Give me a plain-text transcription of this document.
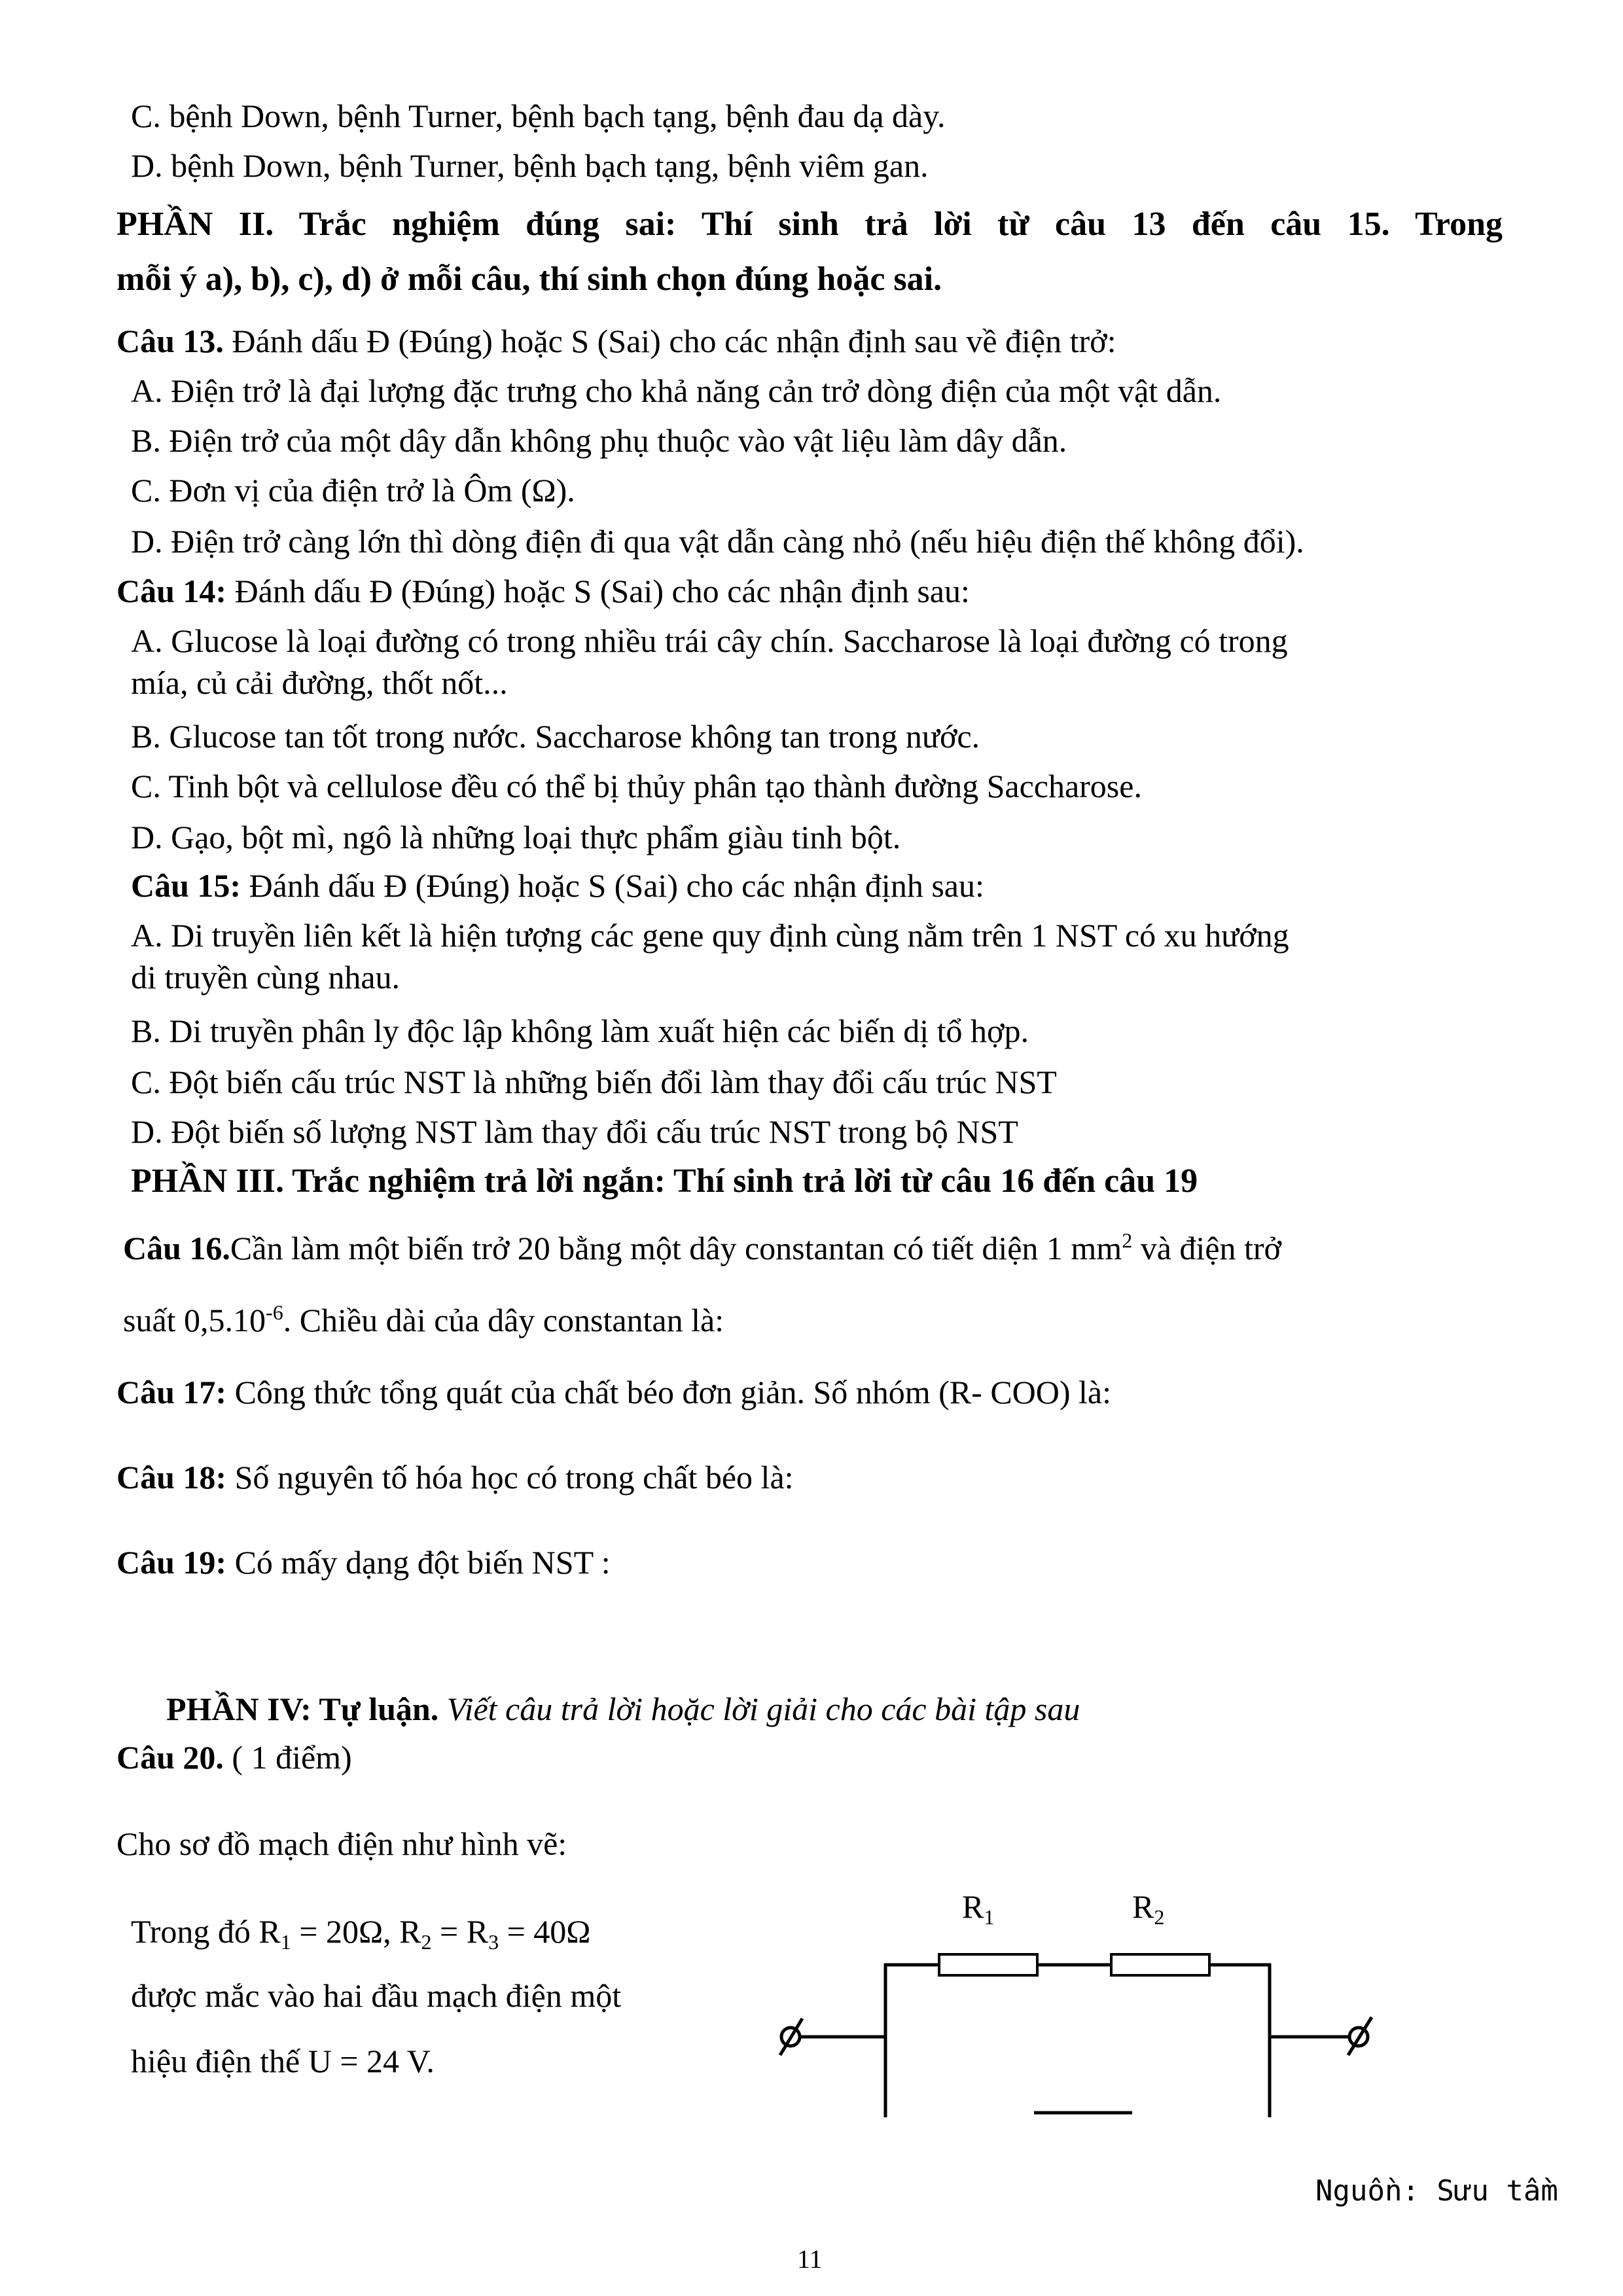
C. bệnh Down, bệnh Turner, bệnh bạch tạng, bệnh đau dạ dày.
D. bệnh Down, bệnh Turner, bệnh bạch tạng, bệnh viêm gan.
PHẦN II. Trắc nghiệm đúng sai: Thí sinh trả lời từ câu 13 đến câu 15. Trong
mỗi ý a), b), c), d) ở mỗi câu, thí sinh chọn đúng hoặc sai.
Câu 13. Đánh dấu Đ (Đúng) hoặc S (Sai) cho các nhận định sau về điện trở:
A. Điện trở là đại lượng đặc trưng cho khả năng cản trở dòng điện của một vật dẫn.
B. Điện trở của một dây dẫn không phụ thuộc vào vật liệu làm dây dẫn.
C. Đơn vị của điện trở là Ôm (Ω).
D. Điện trở càng lớn thì dòng điện đi qua vật dẫn càng nhỏ (nếu hiệu điện thế không đổi).
Câu 14: Đánh dấu Đ (Đúng) hoặc S (Sai) cho các nhận định sau:
A. Glucose là loại đường có trong nhiều trái cây chín. Saccharose là loại đường có trong
mía, củ cải đường, thốt nốt...
B. Glucose tan tốt trong nước. Saccharose không tan trong nước.
C. Tinh bột và cellulose đều có thể bị thủy phân tạo thành đường Saccharose.
D. Gạo, bột mì, ngô là những loại thực phẩm giàu tinh bột.
Câu 15: Đánh dấu Đ (Đúng) hoặc S (Sai) cho các nhận định sau:
A. Di truyền liên kết là hiện tượng các gene quy định cùng nằm trên 1 NST có xu hướng
di truyền cùng nhau.
B. Di truyền phân ly độc lập không làm xuất hiện các biến dị tổ hợp.
C. Đột biến cấu trúc NST là những biến đổi làm thay đổi cấu trúc NST
D. Đột biến số lượng NST làm thay đổi cấu trúc NST trong bộ NST
PHẦN III. Trắc nghiệm trả lời ngắn: Thí sinh trả lời từ câu 16 đến câu 19
Câu 16.Cần làm một biến trở 20 bằng một dây constantan có tiết diện 1 $mm^2$ và điện trở
suất $0,5.10^{-6}$. Chiều dài của dây constantan là:
Câu 17: Công thức tổng quát của chất béo đơn giản. Số nhóm (R- COO) là:
Câu 18: Số nguyên tố hóa học có trong chất béo là:
Câu 19: Có mấy dạng đột biến NST :
PHẦN IV: Tự luận. Viết câu trả lời hoặc lời giải cho các bài tập sau
Câu 20. ( 1 điểm)
Cho sơ đồ mạch điện như hình vẽ:
Trong đó $R_1 = 20\Omega$, $R_2 = R_3 = 40\Omega$
được mắc vào hai đầu mạch điện một
hiệu điện thế U = 24 V.
$R_1$	$R_2$
Nguồn: Sưu tầm
11
